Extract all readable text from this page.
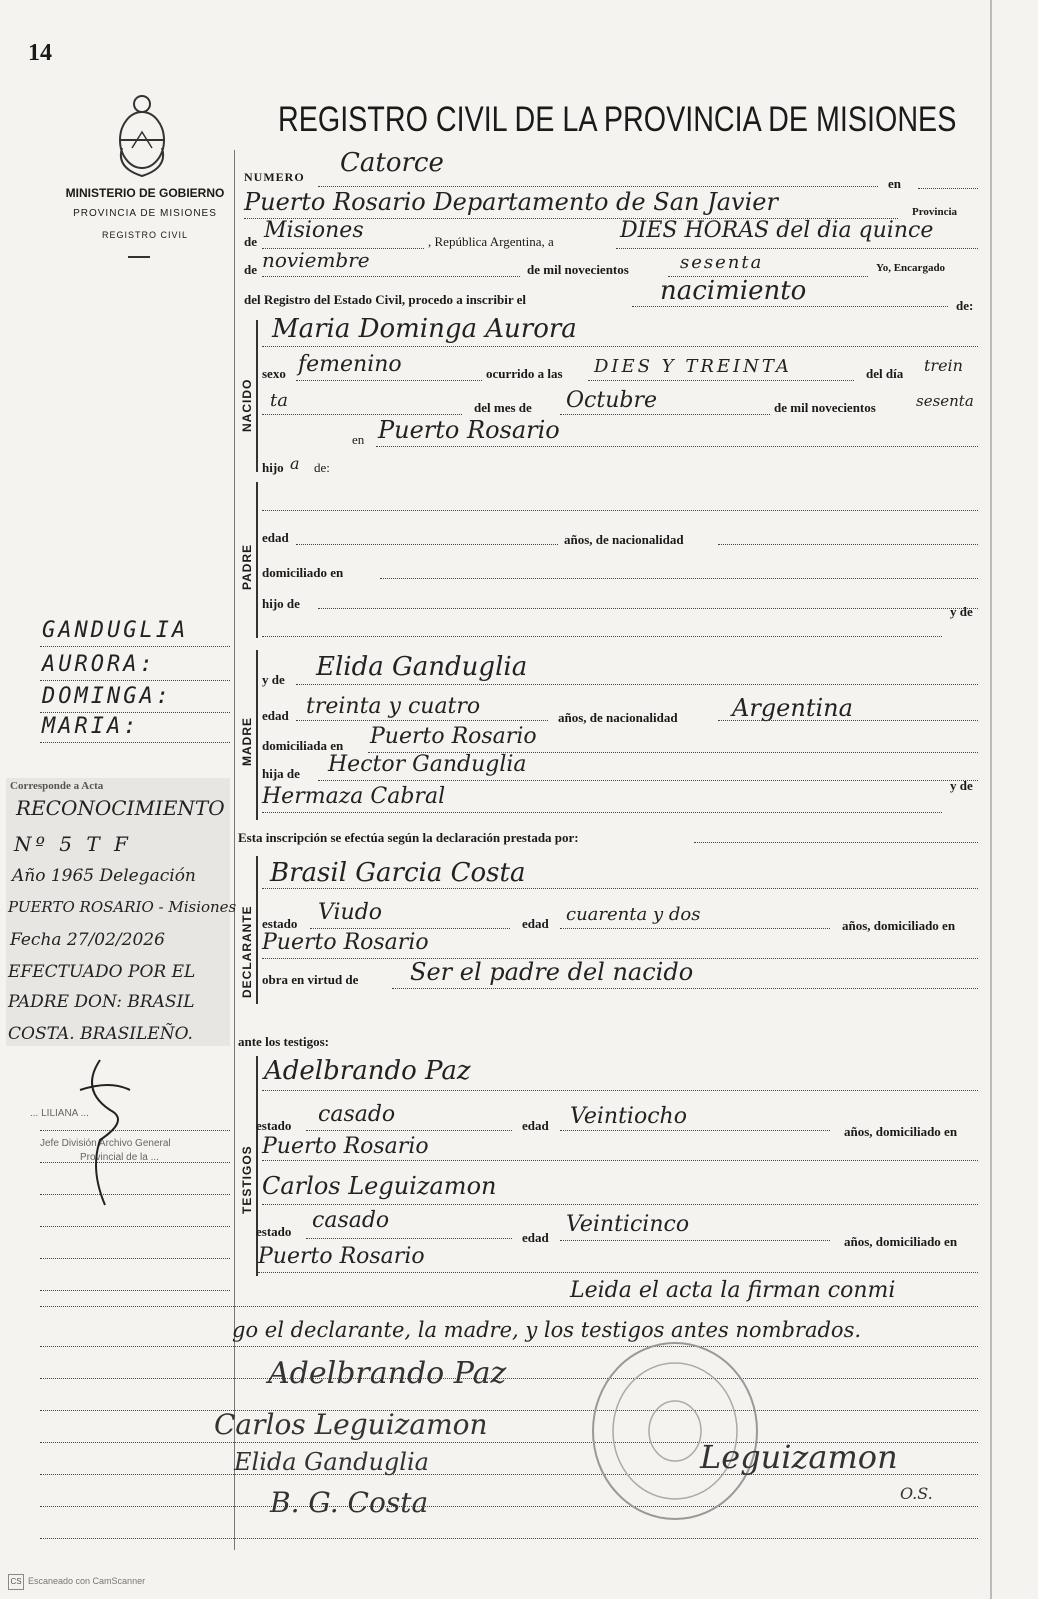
14
MINISTERIO DE GOBIERNO
PROVINCIA DE MISIONES
REGISTRO CIVIL
REGISTRO CIVIL DE LA PROVINCIA DE MISIONES
NUMERO Catorce
en
Puerto Rosario Departamento de San Javier	Provincia
de Misiones	, República Argentina, a	DIES HORAS del dia quince
de noviembre	de mil novecientos	sesenta	Yo, Encargado
del Registro del Estado Civil, procedo a inscribir el	nacimiento	de:
NACIDO
Maria Dominga Aurora
sexo femenino	ocurrido a las DIES Y TREINTA	del día trein
ta	del mes de Octubre	de mil novecientos	sesenta
en Puerto Rosario
hijo a de:
PADRE
edad	años, de nacionalidad
domiciliado en
hijo de
y de
MADRE
y de Elida Ganduglia
edad treinta y cuatro	años, de nacionalidad Argentina
domiciliada en Puerto Rosario
hija de Hector Ganduglia
y de
Hermaza Cabral
Esta inscripción se efectúa según la declaración prestada por:
DECLARANTE
Brasil Garcia Costa
estado Viudo	edad cuarenta y dos
años, domiciliado en
Puerto Rosario
obra en virtud de Ser el padre del nacido
ante los testigos:
TESTIGOS
Adelbrando Paz
estado casado	edad Veintiocho
años, domiciliado en
Puerto Rosario
Carlos Leguizamon
estado casado
edad
Veinticinco
años, domiciliado en
Puerto Rosario
Leida el acta la firman conmi
go el declarante, la madre, y los testigos antes nombrados.
GANDUGLIA
AURORA:
DOMINGA:
MARIA:
Corresponde a Acta
RECONOCIMIENTO
Nº 5 T F
Año 1965 Delegación
PUERTO ROSARIO - Misiones
Fecha 27/02/2026
EFECTUADO POR EL
PADRE DON: BRASIL
COSTA. BRASILEÑO.
... LILIANA ...
Jefe División Archivo General
Provincial de la ...
Adelbrando Paz
Carlos Leguizamon
Elida Ganduglia
B. G. Costa
Leguizamon
O.S.
CS Escaneado con CamScanner
